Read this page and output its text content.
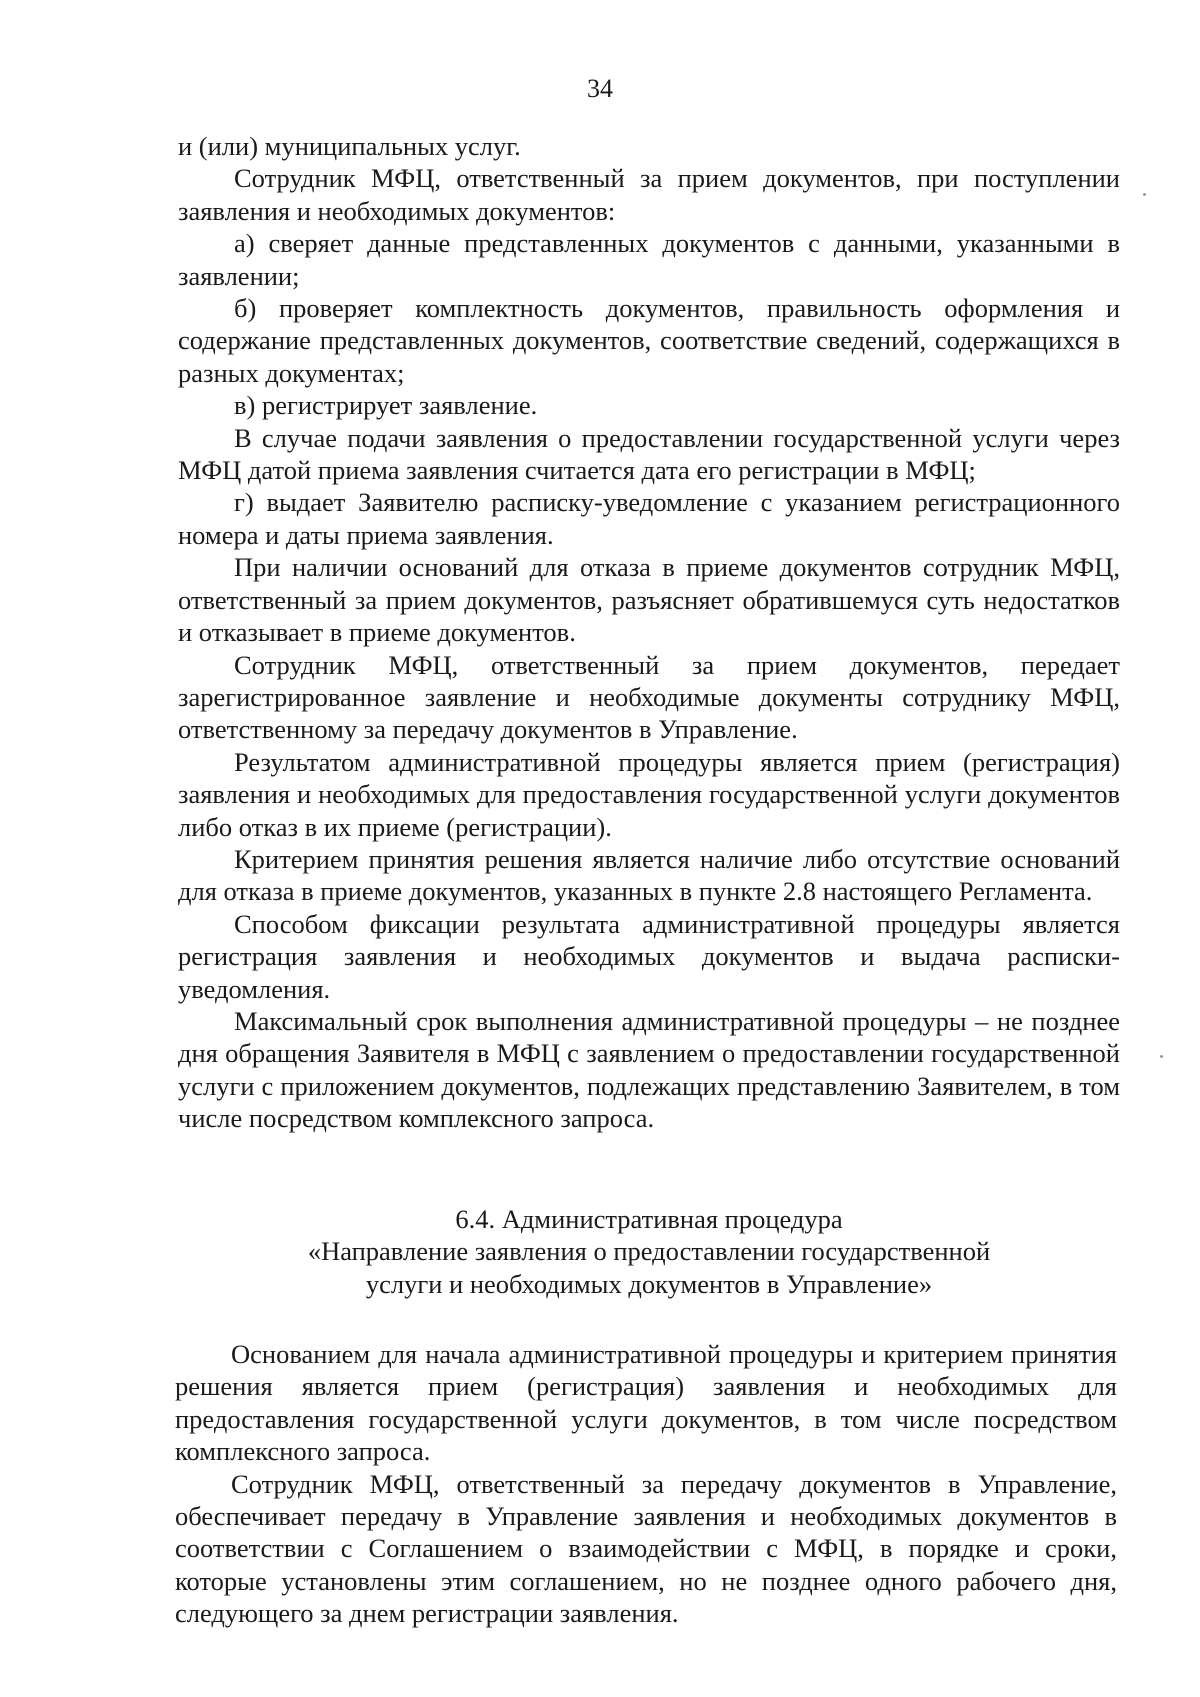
34

и (или) муниципальных услуг.

Сотрудник МФЦ, ответственный за прием документов, при поступлении заявления и необходимых документов:

а) сверяет данные представленных документов с данными, указанными в заявлении;

б) проверяет комплектность документов, правильность оформления и содержание представленных документов, соответствие сведений, содержащихся в разных документах;

в) регистрирует заявление.

В случае подачи заявления о предоставлении государственной услуги через МФЦ датой приема заявления считается дата его регистрации в МФЦ;

г) выдает Заявителю расписку-уведомление с указанием регистрационного номера и даты приема заявления.

При наличии оснований для отказа в приеме документов сотрудник МФЦ, ответственный за прием документов, разъясняет обратившемуся суть недостатков и отказывает в приеме документов.

Сотрудник МФЦ, ответственный за прием документов, передает зарегистрированное заявление и необходимые документы сотруднику МФЦ, ответственному за передачу документов в Управление.

Результатом административной процедуры является прием (регистрация) заявления и необходимых для предоставления государственной услуги документов либо отказ в их приеме (регистрации).

Критерием принятия решения является наличие либо отсутствие оснований для отказа в приеме документов, указанных в пункте 2.8 настоящего Регламента.

Способом фиксации результата административной процедуры является регистрация заявления и необходимых документов и выдача расписки-уведомления.

Максимальный срок выполнения административной процедуры – не позднее дня обращения Заявителя в МФЦ с заявлением о предоставлении государственной услуги с приложением документов, подлежащих представлению Заявителем, в том числе посредством комплексного запроса.

6.4. Административная процедура
«Направление заявления о предоставлении государственной
услуги и необходимых документов в Управление»

Основанием для начала административной процедуры и критерием принятия решения является прием (регистрация) заявления и необходимых для предоставления государственной услуги документов, в том числе посредством комплексного запроса.

Сотрудник МФЦ, ответственный за передачу документов в Управление, обеспечивает передачу в Управление заявления и необходимых документов в соответствии с Соглашением о взаимодействии с МФЦ, в порядке и сроки, которые установлены этим соглашением, но не позднее одного рабочего дня, следующего за днем регистрации заявления.
